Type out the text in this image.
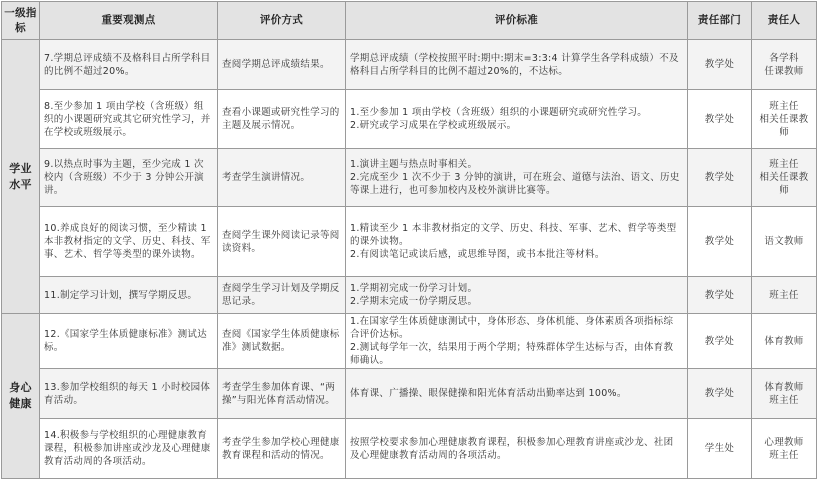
一级指标	重要观测点	评价方式	评价标准	责任部门	责任人
学业水平	7.学期总评成绩不及格科目占所学科目的比例不超过20%。	查阅学期总评成绩结果。	学期总评成绩（学校按照平时:期中:期末=3:3:4 计算学生各学科成绩）不及格科目占所学科目的比例不超过20%的，不达标。	教学处	各学科
任课教师

	8.至少参加 1 项由学校（含班级）组织的小课题研究或其它研究性学习，并在学校或班级展示。	查看小课题或研究性学习的主题及展示情况。	1.至少参加 1 项由学校（含班级）组织的小课题研究或研究性学习。
2.研究或学习成果在学校或班级展示。	教学处	班主任
相关任课教师

	9.以热点时事为主题，至少完成 1 次校内（含班级）不少于 3 分钟公开演讲。	考查学生演讲情况。	1.演讲主题与热点时事相关。
2.完成至少 1 次不少于 3 分钟的演讲，可在班会、道德与法治、语文、历史等课上进行，也可参加校内及校外演讲比赛等。	教学处	班主任
相关任课教师

	10.养成良好的阅读习惯，至少精读 1 本非教材指定的文学、历史、科技、军事、艺术、哲学等类型的课外读物。	查阅学生课外阅读记录等阅读资料。	1.精读至少 1 本非教材指定的文学、历史、科技、军事、艺术、哲学等类型的课外读物。
2.有阅读笔记或读后感，或思维导图，或书本批注等材料。	教学处	语文教师

	11.制定学习计划，撰写学期反思。	查阅学生学习计划及学期反思记录。	1.学期初完成一份学习计划。
2.学期末完成一份学期反思。	教学处	班主任

身心健康	12.《国家学生体质健康标准》测试达标。	查阅《国家学生体质健康标准》测试数据。	1.在国家学生体质健康测试中，身体形态、身体机能、身体素质各项指标综合评价达标。
2.测试每学年一次，结果用于两个学期；特殊群体学生达标与否，由体育教师确认。	教学处	体育教师

	13.参加学校组织的每天 1 小时校园体育活动。	考查学生参加体育课、“两操”与阳光体育活动情况。	体育课、广播操、眼保健操和阳光体育活动出勤率达到 100%。	教学处	体育教师
班主任

	14.积极参与学校组织的心理健康教育课程，积极参加讲座或沙龙及心理健康教育活动周的各项活动。	考查学生参加学校心理健康教育课程和活动的情况。	按照学校要求参加心理健康教育课程，积极参加心理教育讲座或沙龙、社团及心理健康教育活动周的各项活动。	学生处	心理教师
班主任
